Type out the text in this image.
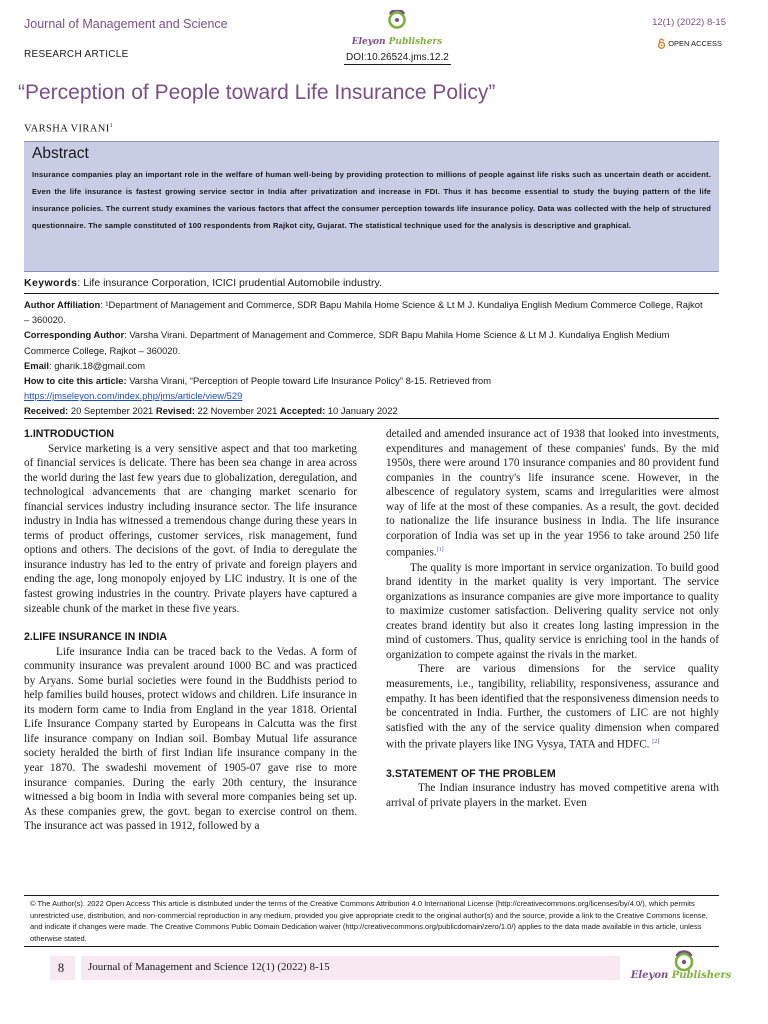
Journal of Management and Science
RESEARCH ARTICLE
12(1) (2022) 8-15
OPEN ACCESS
Eleyon Publishers
DOI:10.26524.jms.12.2
“Perception of People toward Life Insurance Policy”
VARSHA VIRANI$^1$
Abstract
Insurance companies play an important role in the welfare of human well-being by providing protection to millions of people against life risks such as uncertain death or accident. Even the life insurance is fastest growing service sector in India after privatization and increase in FDI. Thus it has become essential to study the buying pattern of the life insurance policies. The current study examines the various factors that affect the consumer perception towards life insurance policy. Data was collected with the help of structured questionnaire. The sample constituted of 100 respondents from Rajkot city, Gujarat. The statistical technique used for the analysis is descriptive and graphical.
Keywords: Life insurance Corporation, ICICI prudential Automobile industry.
Author Affiliation: ¹Department of Management and Commerce, SDR Bapu Mahila Home Science & Lt M J. Kundaliya English Medium Commerce College, Rajkot – 360020.
Corresponding Author: Varsha Virani. Department of Management and Commerce, SDR Bapu Mahila Home Science & Lt M J. Kundaliya English Medium Commerce College, Rajkot – 360020.
Email: gharik.18@gmail.com
How to cite this article: Varsha Virani, “Perception of People toward Life Insurance Policy” 8-15. Retrieved from https://jmseleyon.com/index.php/jms/article/view/529
Received: 20 September 2021 Revised: 22 November 2021 Accepted: 10 January 2022
1.INTRODUCTION

Service marketing is a very sensitive aspect and that too marketing of financial services is delicate. There has been sea change in area across the world during the last few years due to globalization, deregulation, and technological advancements that are changing market scenario for financial services industry including insurance sector. The life insurance industry in India has witnessed a tremendous change during these years in terms of product offerings, customer services, risk management, fund options and others. The decisions of the govt. of India to deregulate the insurance industry has led to the entry of private and foreign players and ending the age, long monopoly enjoyed by LIC industry. It is one of the fastest growing industries in the country. Private players have captured a sizeable chunk of the market in these five years.

2.LIFE INSURANCE IN INDIA

Life insurance India can be traced back to the Vedas. A form of community insurance was prevalent around 1000 BC and was practiced by Aryans. Some burial societies were found in the Buddhists period to help families build houses, protect widows and children. Life insurance in its modern form came to India from England in the year 1818. Oriental Life Insurance Company started by Europeans in Calcutta was the first life insurance company on Indian soil. Bombay Mutual life assurance society heralded the birth of first Indian life insurance company in the year 1870. The swadeshi movement of 1905-07 gave rise to more insurance companies. During the early 20th century, the insurance witnessed a big boom in India with several more companies being set up. As these companies grew, the govt. began to exercise control on them. The insurance act was passed in 1912, followed by a

detailed and amended insurance act of 1938 that looked into investments, expenditures and management of these companies' funds. By the mid 1950s, there were around 170 insurance companies and 80 provident fund companies in the country's life insurance scene. However, in the albescence of regulatory system, scams and irregularities were almost way of life at the most of these companies. As a result, the govt. decided to nationalize the life insurance business in India. The life insurance corporation of India was set up in the year 1956 to take around 250 life companies.[1]

The quality is more important in service organization. To build good brand identity in the market quality is very important. The service organizations as insurance companies are give more importance to quality to maximize customer satisfaction. Delivering quality service not only creates brand identity but also it creates long lasting impression in the mind of customers. Thus, quality service is enriching tool in the hands of organization to compete against the rivals in the market.

There are various dimensions for the service quality measurements, i.e., tangibility, reliability, responsiveness, assurance and empathy. It has been identified that the responsiveness dimension needs to be concentrated in India. Further, the customers of LIC are not highly satisfied with the any of the service quality dimension when compared with the private players like ING Vysya, TATA and HDFC. [2]

3.STATEMENT OF THE PROBLEM

The Indian insurance industry has moved competitive arena with arrival of private players in the market. Even

© The Author(s). 2022 Open Access This article is distributed under the terms of the Creative Commons Attribution 4.0 International License (http://creativecommons.org/licenses/by/4.0/), which permits unrestricted use, distribution, and non-commercial reproduction in any medium, provided you give appropriate credit to the original author(s) and the source, provide a link to the Creative Commons license, and indicate if changes were made. The Creative Commons Public Domain Dedication waiver (http://creativecommons.org/publicdomain/zero/1.0/) applies to the data made available in this article, unless otherwise stated.
8	Journal of Management and Science 12(1) (2022) 8-15
Eleyon Publishers
